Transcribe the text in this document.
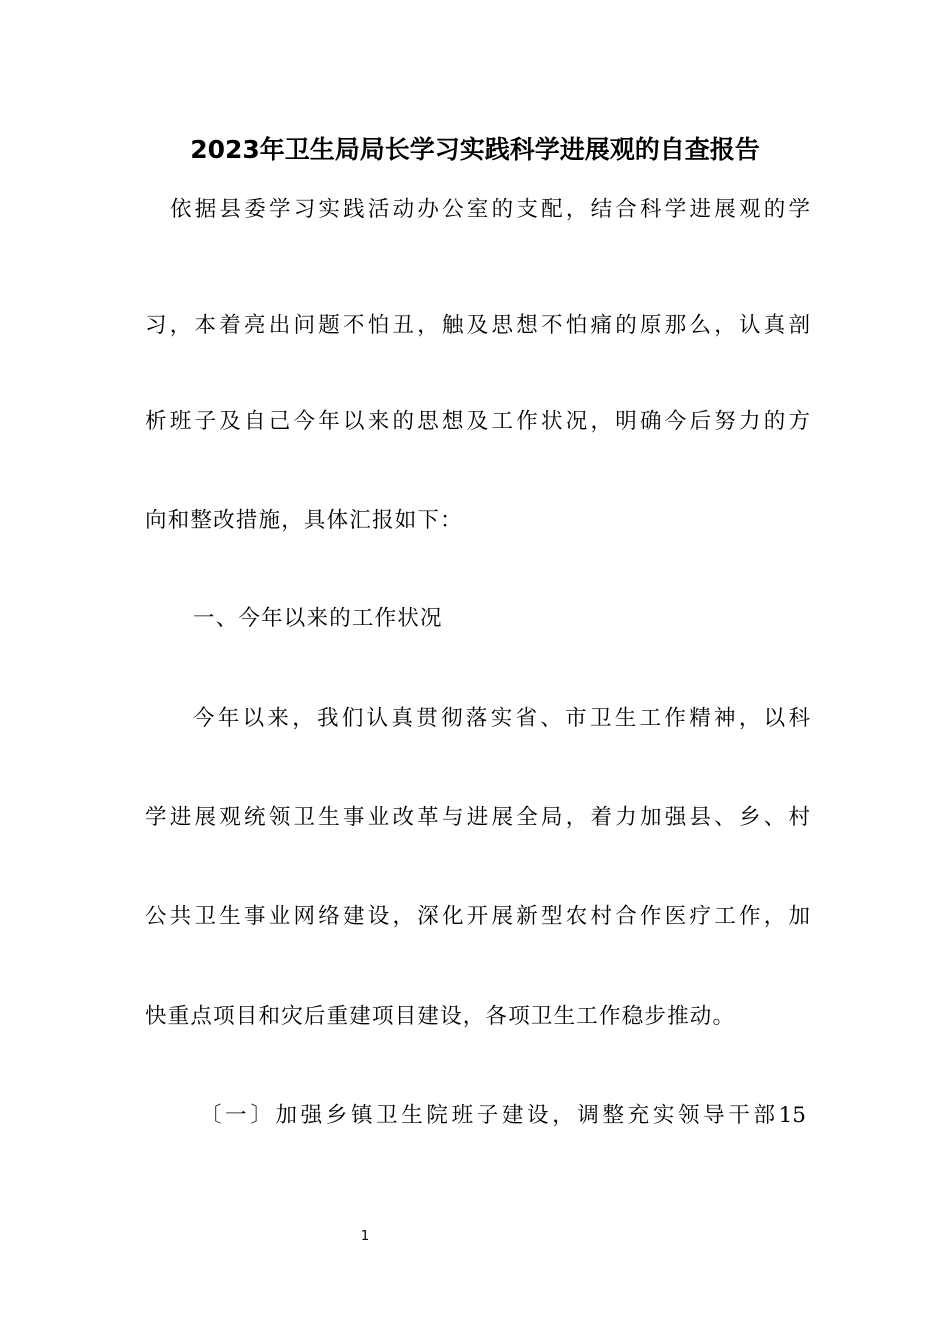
2023年卫生局局长学习实践科学进展观的自查报告
依据县委学习实践活动办公室的支配，结合科学进展观的学
习，本着亮出问题不怕丑，触及思想不怕痛的原那么，认真剖
析班子及自己今年以来的思想及工作状况，明确今后努力的方
向和整改措施，具体汇报如下：
一、今年以来的工作状况
今年以来，我们认真贯彻落实省、市卫生工作精神，以科
学进展观统领卫生事业改革与进展全局，着力加强县、乡、村
公共卫生事业网络建设，深化开展新型农村合作医疗工作，加
快重点项目和灾后重建项目建设，各项卫生工作稳步推动。
〔一〕加强乡镇卫生院班子建设，调整充实领导干部15
1
